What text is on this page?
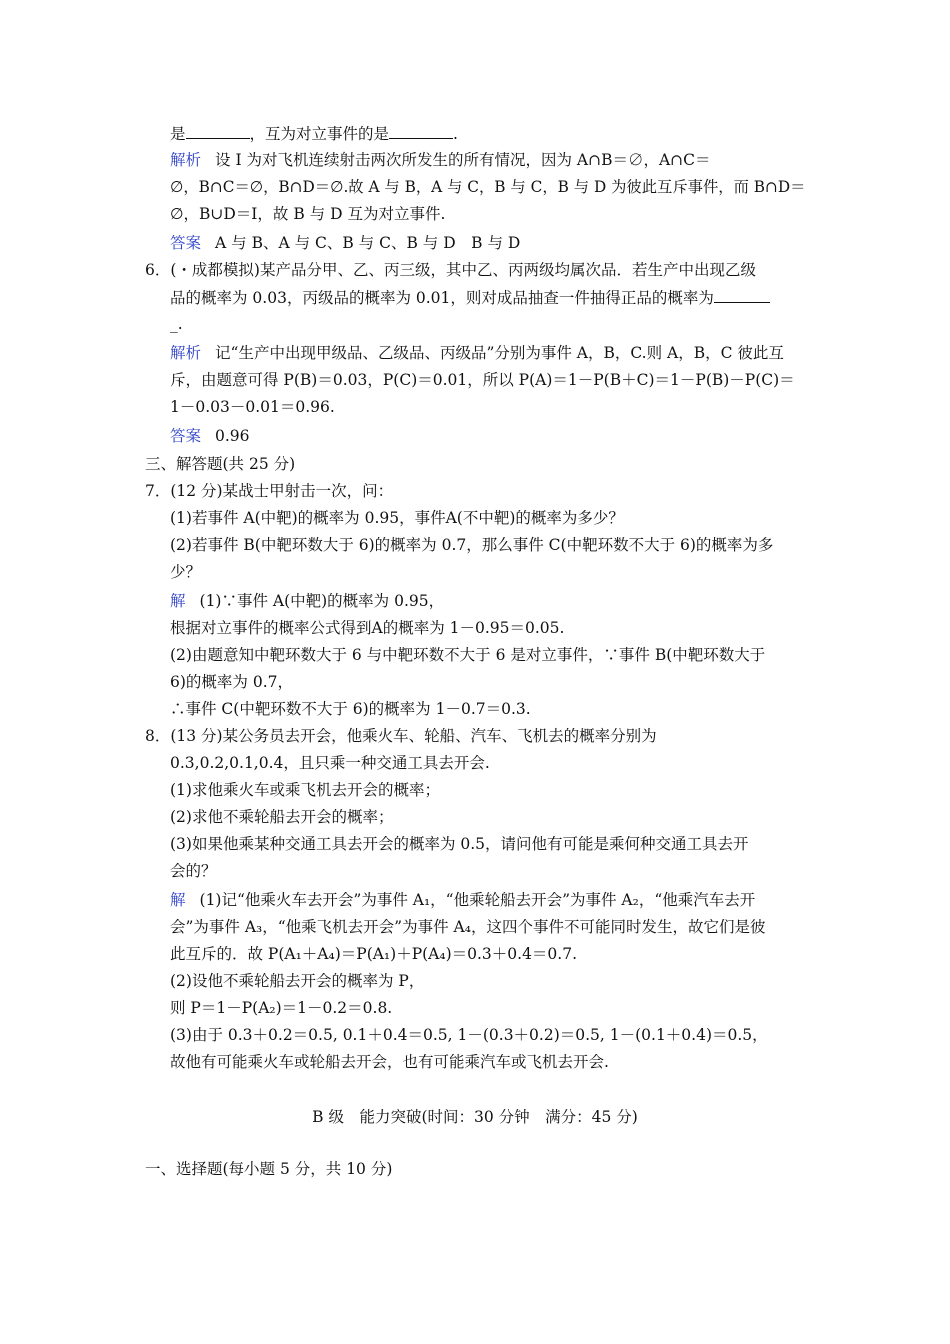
是	，互为对立事件的是	.
解析 设 I 为对飞机连续射击两次所发生的所有情况，因为 A∩B＝∅，A∩C＝
∅，B∩C＝∅，B∩D＝∅.故 A 与 B，A 与 C，B 与 C，B 与 D 为彼此互斥事件，而 B∩D＝
∅，B∪D＝I，故 B 与 D 互为对立事件.
答案 A 与 B、A 与 C、B 与 C、B 与 D　B 与 D
6．(・成都模拟)某产品分甲、乙、丙三级，其中乙、丙两级均属次品．若生产中出现乙级
品的概率为 0.03，丙级品的概率为 0.01，则对成品抽查一件抽得正品的概率为
_.
解析 记“生产中出现甲级品、乙级品、丙级品”分别为事件 A，B，C.则 A，B，C 彼此互
斥，由题意可得 P(B)＝0.03，P(C)＝0.01，所以 P(A)＝1－P(B＋C)＝1－P(B)－P(C)＝
1－0.03－0.01＝0.96.
答案 0.96
三、解答题(共 25 分)
7．(12 分)某战士甲射击一次，问：
(1)若事件 A(中靶)的概率为 0.95，事件A(不中靶)的概率为多少？
(2)若事件 B(中靶环数大于 6)的概率为 0.7，那么事件 C(中靶环数不大于 6)的概率为多
少？
解 (1)∵事件 A(中靶)的概率为 0.95，
根据对立事件的概率公式得到A的概率为 1－0.95＝0.05.
(2)由题意知中靶环数大于 6 与中靶环数不大于 6 是对立事件，∵事件 B(中靶环数大于
6)的概率为 0.7，
∴事件 C(中靶环数不大于 6)的概率为 1－0.7＝0.3.
8．(13 分)某公务员去开会，他乘火车、轮船、汽车、飞机去的概率分别为
0.3,0.2,0.1,0.4，且只乘一种交通工具去开会.
(1)求他乘火车或乘飞机去开会的概率；
(2)求他不乘轮船去开会的概率；
(3)如果他乘某种交通工具去开会的概率为 0.5，请问他有可能是乘何种交通工具去开
会的？
解 (1)记“他乘火车去开会”为事件 A₁，“他乘轮船去开会”为事件 A₂，“他乘汽车去开
会”为事件 A₃，“他乘飞机去开会”为事件 A₄，这四个事件不可能同时发生，故它们是彼
此互斥的．故 P(A₁＋A₄)＝P(A₁)＋P(A₄)＝0.3＋0.4＝0.7.
(2)设他不乘轮船去开会的概率为 P，
则 P＝1－P(A₂)＝1－0.2＝0.8.
(3)由于 0.3＋0.2＝0.5, 0.1＋0.4＝0.5, 1－(0.3＋0.2)＝0.5, 1－(0.1＋0.4)＝0.5，
故他有可能乘火车或轮船去开会，也有可能乘汽车或飞机去开会.
B 级　能力突破(时间：30 分钟　满分：45 分)
一、选择题(每小题 5 分，共 10 分)
